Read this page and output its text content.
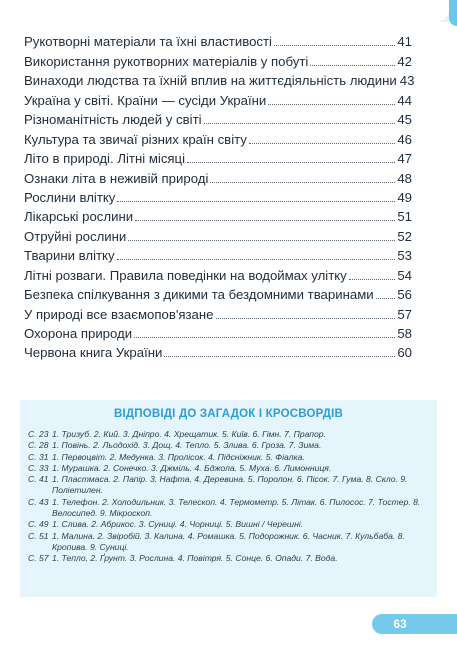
Рукотворні матеріали та їхні властивості	41
Використання рукотворних матеріалів у побуті	42
Винаходи людства та їхній вплив на життєдіяльність людини 43
Україна у світі. Країни — сусіди України	44
Різноманітність людей у світі	45
Культура та звичаї різних країн світу	46
Літо в природі. Літні місяці	47
Ознаки літа в неживій природі	48
Рослини влітку	49
Лікарські рослини	51
Отруйні рослини	52
Тварини влітку	53
Літні розваги. Правила поведінки на водоймах улітку	54
Безпека спілкування з дикими та бездомними тваринами 56
У природі все взаємопов'язане	57
Охорона природи	58
Червона книга України	60
ВІДПОВІДІ ДО ЗАГАДОК І КРОСВОРДІВ
С. 23 1. Тризуб. 2. Кий. 3. Дніпро. 4. Хрещатик. 5. Київ. 6. Гімн. 7. Прапор.
С. 28 1. Повінь. 2. Льодохід. 3. Дощ. 4. Тепло. 5. Злива. 6. Гроза. 7. Зима.
С. 31 1. Первоцвіт. 2. Медунка. 3. Пролісок. 4. Підсніжник. 5. Фіалка.
С. 33 1. Мурашка. 2. Сонечко. 3. Джміль. 4. Бджола. 5. Муха. 6. Лимонниця.
С. 41 1. Пластмаса. 2. Папір. 3. Нафта. 4. Деревина. 5. Поролон. 6. Пісок. 7. Гума. 8. Скло. 9. Поліетилен.
С. 43 1. Телефон. 2. Холодильник. 3. Телескоп. 4. Термометр. 5. Літак. 6. Пилосос. 7. Тостер. 8. Велосипед. 9. Мікроскоп.
С. 49 1. Слива. 2. Абрикос. 3. Суниці. 4. Чорниці. 5. Вишні / Черешні.
С. 51 1. Малина. 2. Звіробій. 3. Калина. 4. Ромашка. 5. Подорожник. 6. Часник. 7. Кульбаба. 8. Кропива. 9. Суниці.
С. 57 1. Тепло. 2. Ґрунт. 3. Рослина. 4. Повітря. 5. Сонце. 6. Опади. 7. Вода.
63
